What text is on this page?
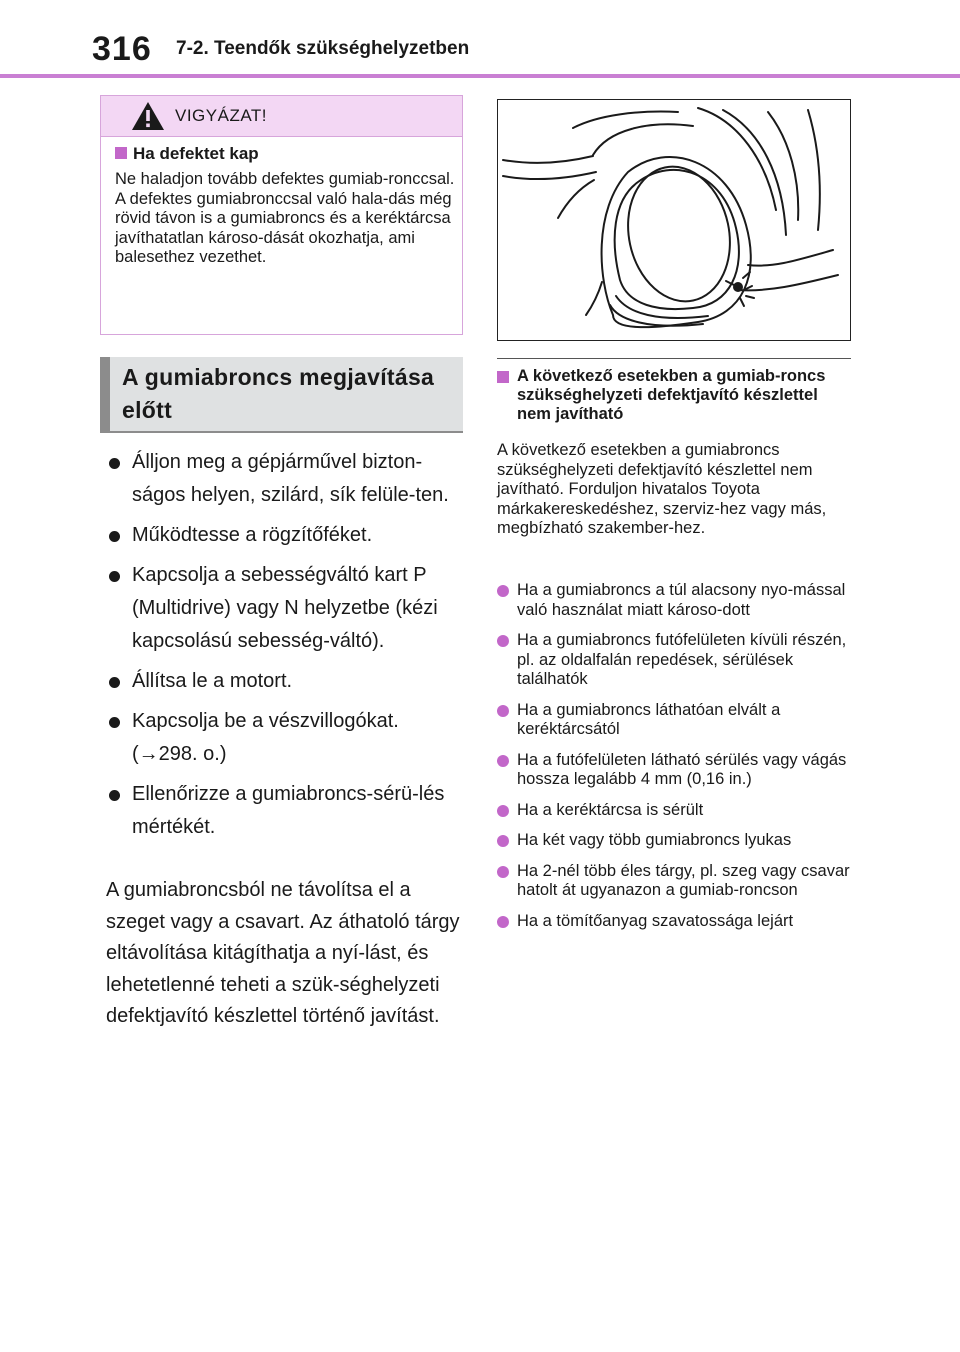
316 7-2. Teendők szükséghelyzetben
VIGYÁZAT!
Ha defektet kap
Ne haladjon tovább defektes gumiab-ronccsal. A defektes gumiabronccsal való hala-dás még rövid távon is a gumiabroncs és a keréktárcsa javíthatatlan károso-dását okozhatja, ami balesethez vezethet.
A gumiabroncs megjavítása előtt
Álljon meg a gépjárművel bizton-ságos helyen, szilárd, sík felüle-ten.
Működtesse a rögzítőféket.
Kapcsolja a sebességváltó kart P (Multidrive) vagy N helyzetbe (kézi kapcsolású sebesség-váltó).
Állítsa le a motort.
Kapcsolja be a vészvillogókat. (→298. o.)
Ellenőrizze a gumiabroncs-sérü-lés mértékét.
A gumiabroncsból ne távolítsa el a szeget vagy a csavart. Az áthatoló tárgy eltávolítása kitágíthatja a nyí-lást, és lehetetlenné teheti a szük-séghelyzeti defektjavító készlettel történő javítást.
A következő esetekben a gumiab-roncs szükséghelyzeti defektjavító készlettel nem javítható
A következő esetekben a gumiabroncs szükséghelyzeti defektjavító készlettel nem javítható. Forduljon hivatalos Toyota márkakereskedéshez, szerviz-hez vagy más, megbízható szakember-hez.
Ha a gumiabroncs a túl alacsony nyo-mással való használat miatt károso-dott
Ha a gumiabroncs futófelületen kívüli részén, pl. az oldalfalán repedések, sérülések találhatók
Ha a gumiabroncs láthatóan elvált a keréktárcsától
Ha a futófelületen látható sérülés vagy vágás hossza legalább 4 mm (0,16 in.)
Ha a keréktárcsa is sérült
Ha két vagy több gumiabroncs lyukas
Ha 2-nél több éles tárgy, pl. szeg vagy csavar hatolt át ugyanazon a gumiab-roncson
Ha a tömítőanyag szavatossága lejárt
